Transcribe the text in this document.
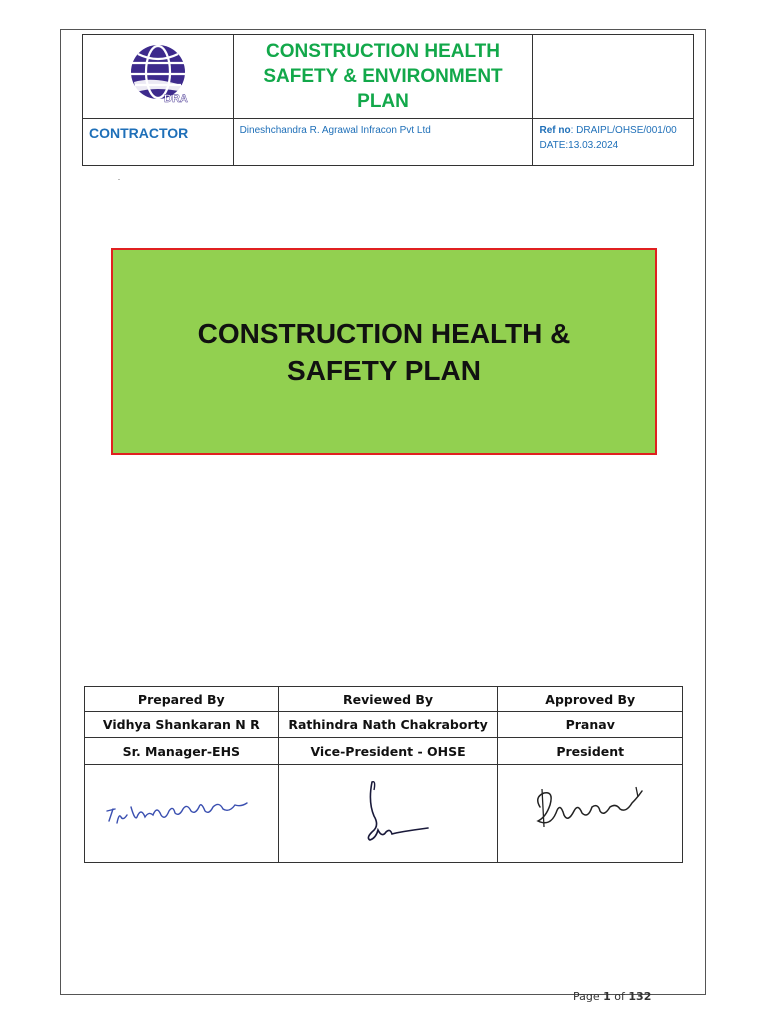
DRA	CONSTRUCTION HEALTH SAFETY & ENVIRONMENT PLAN	

CONTRACTOR	Dineshchandra R. Agrawal Infracon Pvt Ltd	Ref no: DRAIPL/OHSE/001/00
DATE:13.03.2024
CONSTRUCTION HEALTH &
SAFETY PLAN
Prepared By	Reviewed By	Approved By
Vidhya Shankaran N R	Rathindra Nath Chakraborty	Pranav
Sr. Manager-EHS	Vice-President - OHSE	President

Page 1 of 132
